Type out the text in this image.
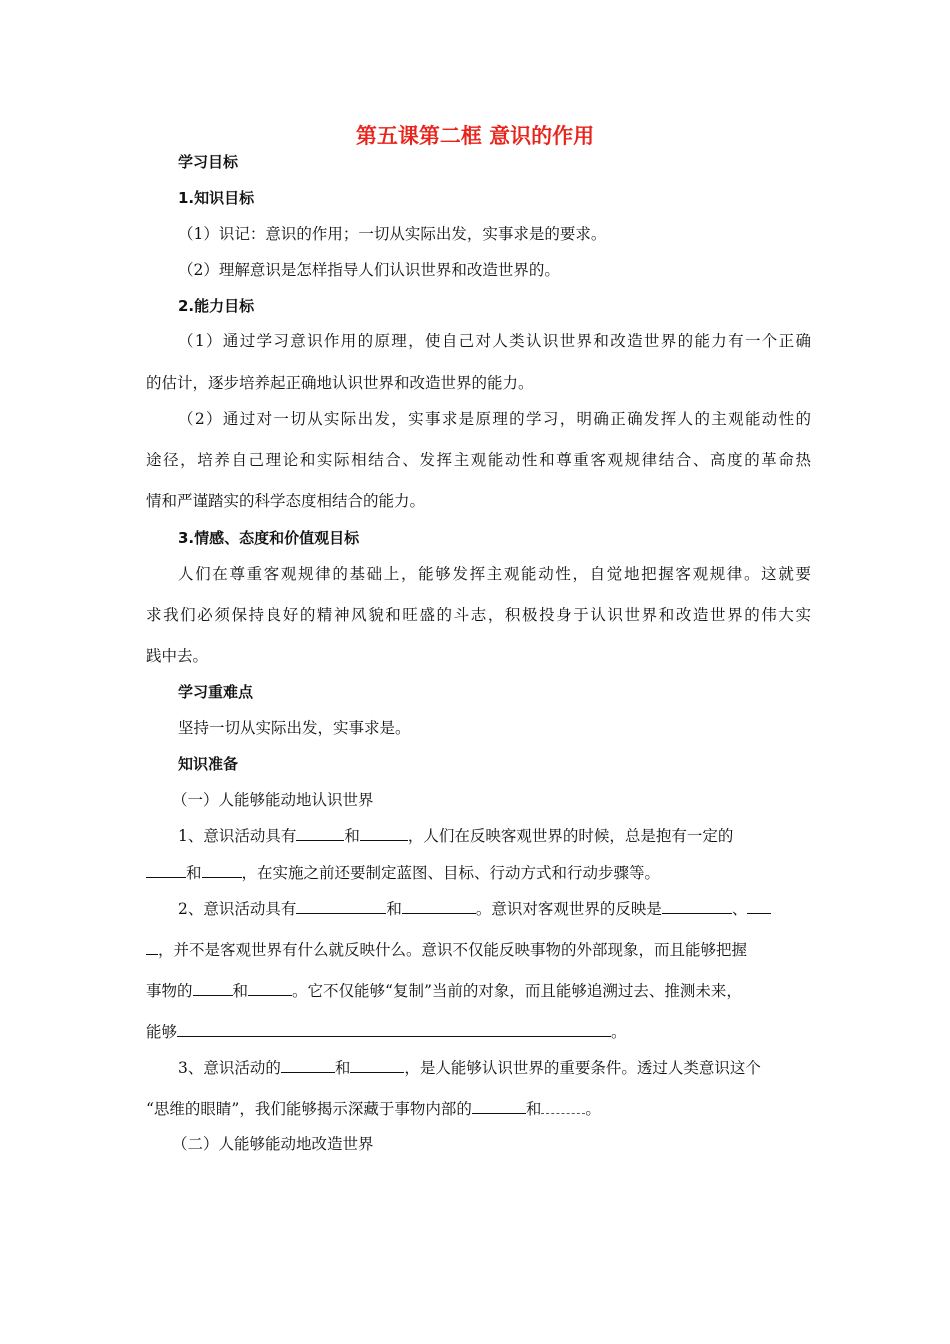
第五课第二框 意识的作用
学习目标
1.知识目标
（1）识记：意识的作用；一切从实际出发，实事求是的要求。
（2）理解意识是怎样指导人们认识世界和改造世界的。
2.能力目标
（1）通过学习意识作用的原理，使自己对人类认识世界和改造世界的能力有一个正确
的估计，逐步培养起正确地认识世界和改造世界的能力。
（2）通过对一切从实际出发，实事求是原理的学习，明确正确发挥人的主观能动性的
途径，培养自己理论和实际相结合、发挥主观能动性和尊重客观规律结合、高度的革命热
情和严谨踏实的科学态度相结合的能力。
3.情感、态度和价值观目标
人们在尊重客观规律的基础上，能够发挥主观能动性，自觉地把握客观规律。这就要
求我们必须保持良好的精神风貌和旺盛的斗志，积极投身于认识世界和改造世界的伟大实
践中去。
学习重难点
坚持一切从实际出发，实事求是。
知识准备
（一）人能够能动地认识世界
1、意识活动具有	和	，人们在反映客观世界的时候，总是抱有一定的
和	，在实施之前还要制定蓝图、目标、行动方式和行动步骤等。
2、意识活动具有	和	。意识对客观世界的反映是	、
，并不是客观世界有什么就反映什么。意识不仅能反映事物的外部现象，而且能够把握
事物的	和	。它不仅能够“复制”当前的对象，而且能够追溯过去、推测未来，
能够	。
3、意识活动的	和	，是人能够认识世界的重要条件。透过人类意识这个
“思维的眼睛”，我们能够揭示深藏于事物内部的	和	。
（二）人能够能动地改造世界
